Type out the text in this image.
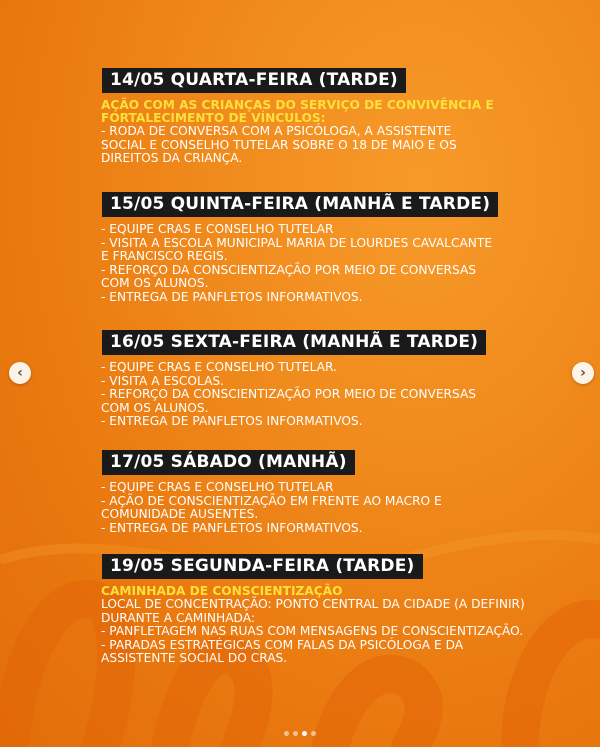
14/05 QUARTA-FEIRA (TARDE)

AÇÃO COM AS CRIANÇAS DO SERVIÇO DE CONVIVÊNCIA E

FORTALECIMENTO DE VÍNCULOS:

- RODA DE CONVERSA COM A PSICÓLOGA, A ASSISTENTE

SOCIAL E CONSELHO TUTELAR SOBRE O 18 DE MAIO E OS

DIREITOS DA CRIANÇA.

15/05 QUINTA-FEIRA (MANHÃ E TARDE)

- EQUIPE CRAS E CONSELHO TUTELAR

- VISITA A ESCOLA MUNICIPAL MARIA DE LOURDES CAVALCANTE

E FRANCISCO REGIS.

- REFORÇO DA CONSCIENTIZAÇÃO POR MEIO DE CONVERSAS

COM OS ALUNOS.

- ENTREGA DE PANFLETOS INFORMATIVOS.

16/05 SEXTA-FEIRA (MANHÃ E TARDE)

- EQUIPE CRAS E CONSELHO TUTELAR.

- VISITA A ESCOLAS.

- REFORÇO DA CONSCIENTIZAÇÃO POR MEIO DE CONVERSAS

COM OS ALUNOS.

- ENTREGA DE PANFLETOS INFORMATIVOS.

17/05 SÁBADO (MANHÃ)

- EQUIPE CRAS E CONSELHO TUTELAR

- AÇÃO DE CONSCIENTIZAÇÃO EM FRENTE AO MACRO E

COMUNIDADE AUSENTES.

- ENTREGA DE PANFLETOS INFORMATIVOS.

19/05 SEGUNDA-FEIRA (TARDE)

CAMINHADA DE CONSCIENTIZAÇÃO

LOCAL DE CONCENTRAÇÃO: PONTO CENTRAL DA CIDADE (A DEFINIR)

DURANTE A CAMINHADA:

- PANFLETAGEM NAS RUAS COM MENSAGENS DE CONSCIENTIZAÇÃO.

- PARADAS ESTRATÉGICAS COM FALAS DA PSICÓLOGA E DA

ASSISTENTE SOCIAL DO CRAS.

‹	›
